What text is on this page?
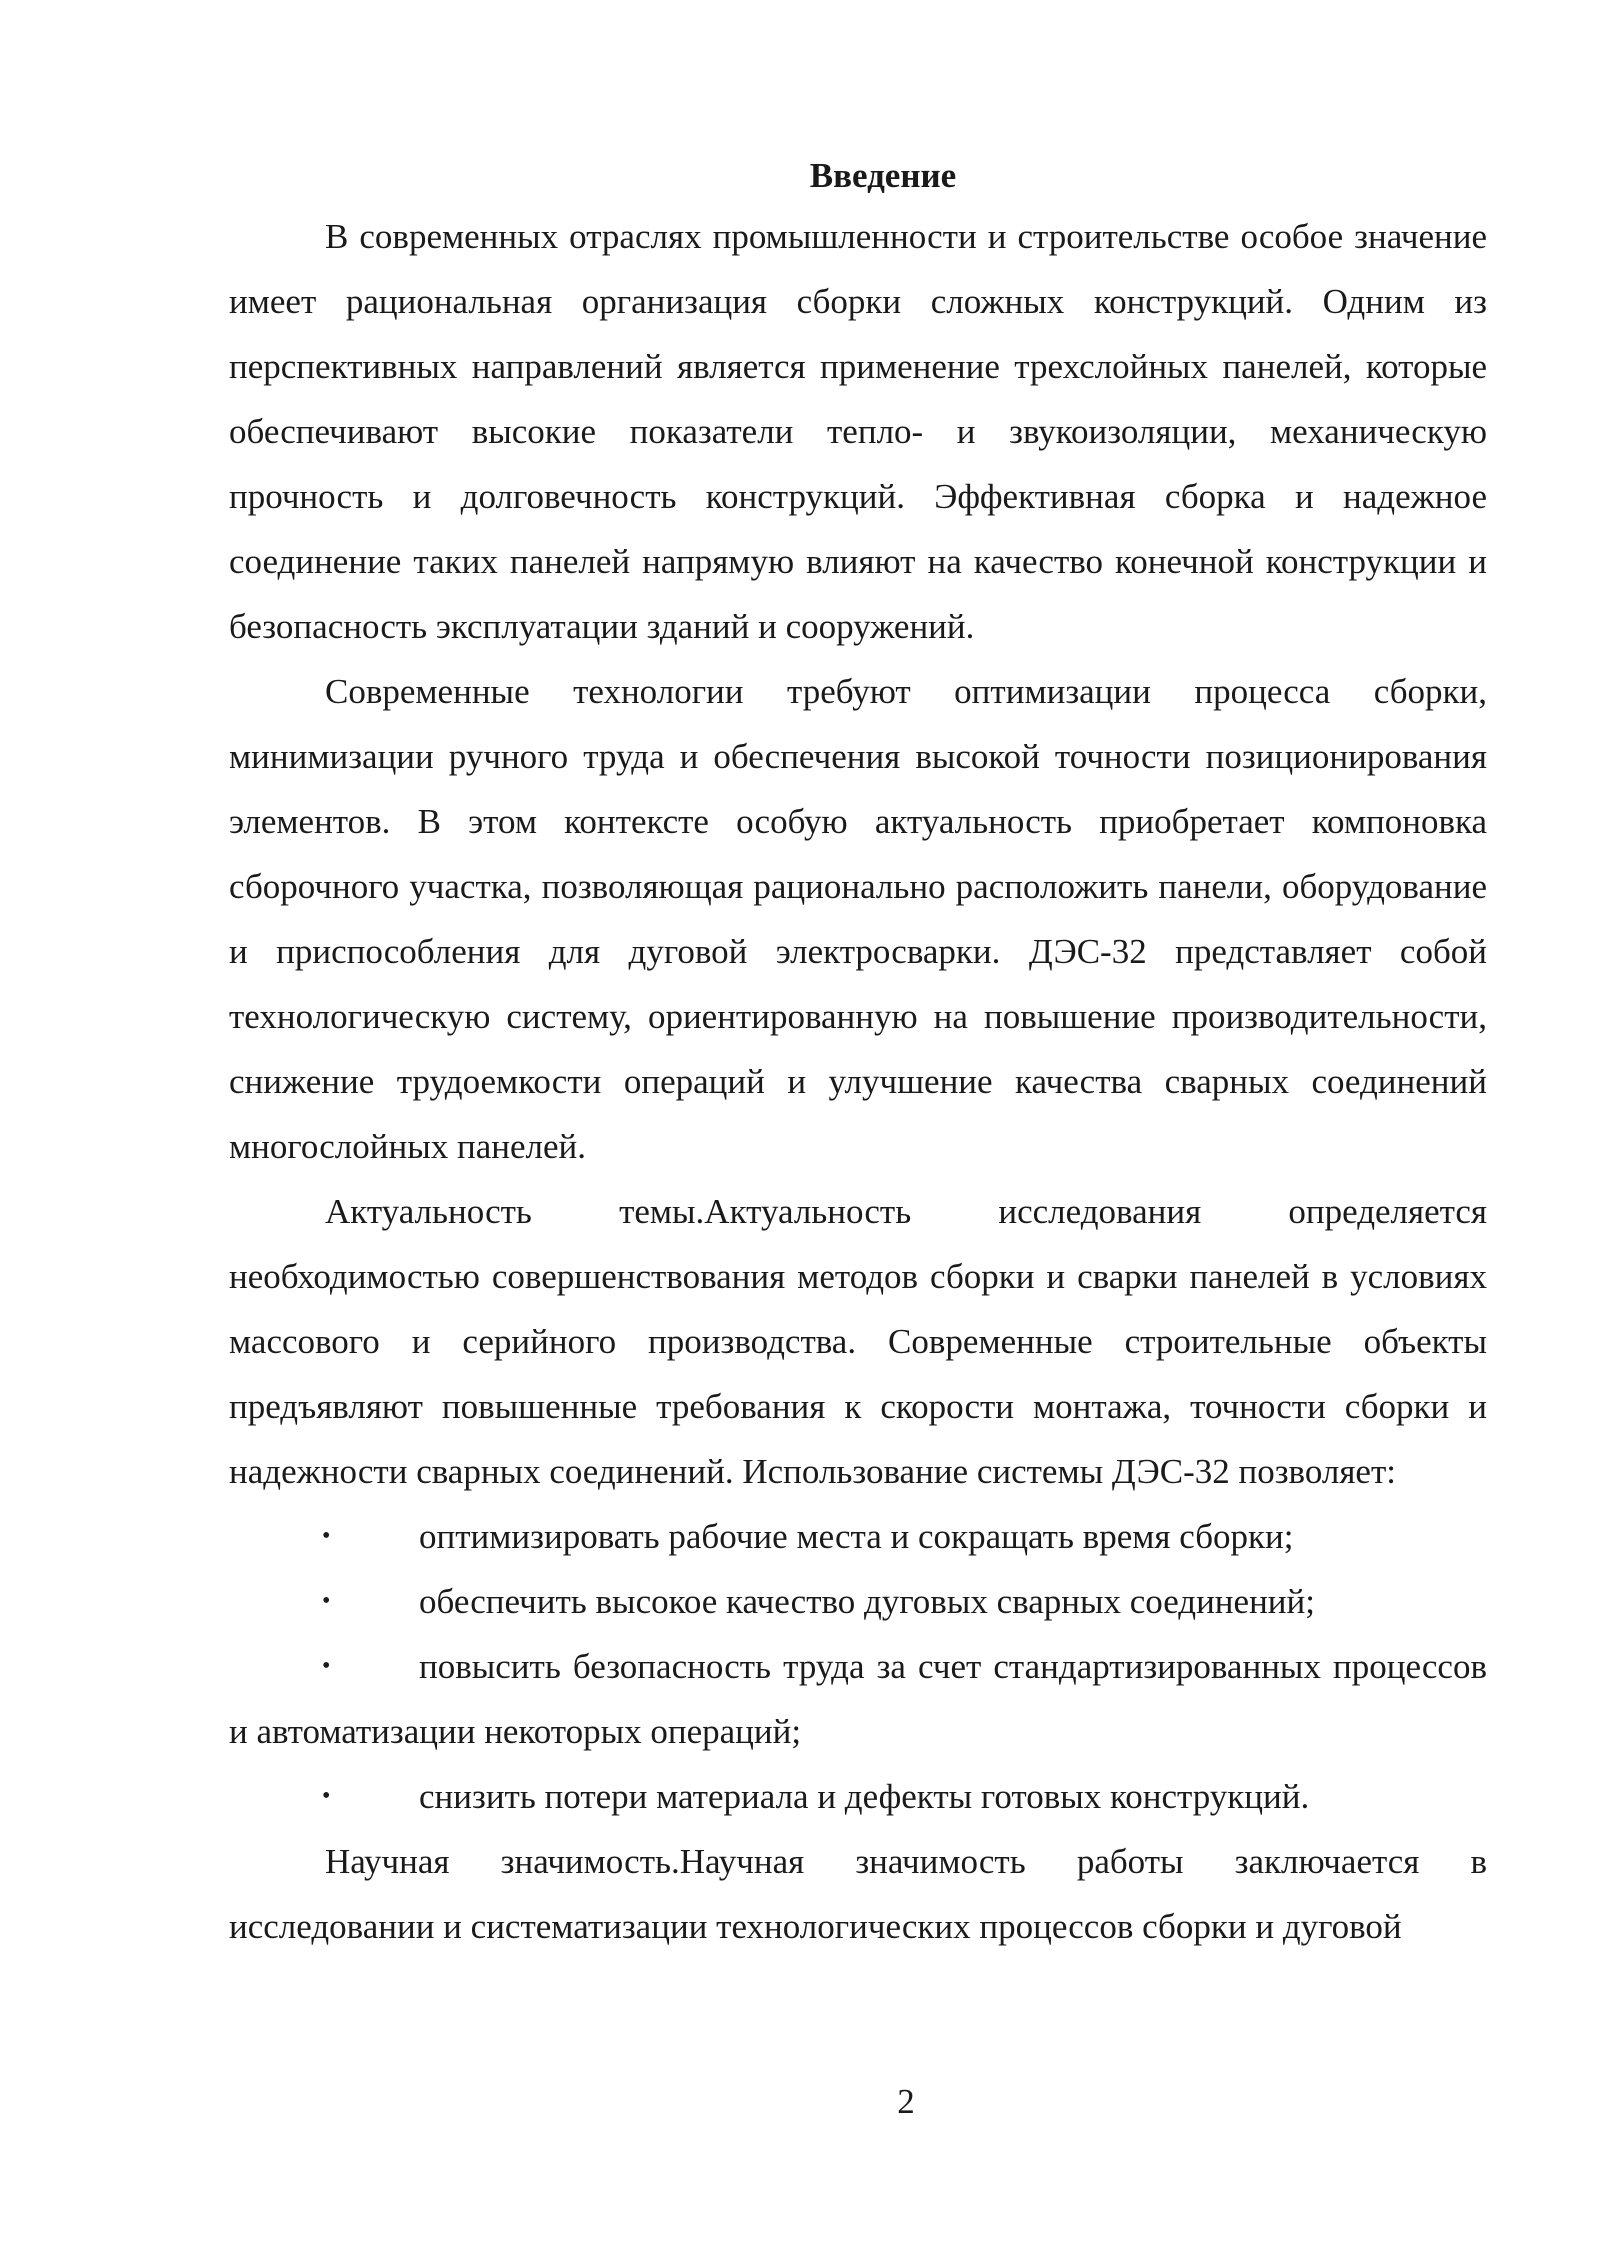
Введение

В современных отраслях промышленности и строительстве особое значение имеет рациональная организация сборки сложных конструкций. Одним из перспективных направлений является применение трехслойных панелей, которые обеспечивают высокие показатели тепло- и звукоизоляции, механическую прочность и долговечность конструкций. Эффективная сборка и надежное соединение таких панелей напрямую влияют на качество конечной конструкции и безопасность эксплуатации зданий и сооружений.

Современные технологии требуют оптимизации процесса сборки, минимизации ручного труда и обеспечения высокой точности позиционирования элементов. В этом контексте особую актуальность приобретает компоновка сборочного участка, позволяющая рационально расположить панели, оборудование и приспособления для дуговой электросварки. ДЭС-32 представляет собой технологическую систему, ориентированную на повышение производительности, снижение трудоемкости операций и улучшение качества сварных соединений многослойных панелей.

Актуальность темы.Актуальность исследования определяется необходимостью совершенствования методов сборки и сварки панелей в условиях массового и серийного производства. Современные строительные объекты предъявляют повышенные требования к скорости монтажа, точности сборки и надежности сварных соединений. Использование системы ДЭС-32 позволяет:

•	оптимизировать рабочие места и сокращать время сборки;
•	обеспечить высокое качество дуговых сварных соединений;
•	повысить безопасность труда за счет стандартизированных процессов и автоматизации некоторых операций;
•	снизить потери материала и дефекты готовых конструкций.

Научная значимость.Научная значимость работы заключается в исследовании и систематизации технологических процессов сборки и дуговой

2
